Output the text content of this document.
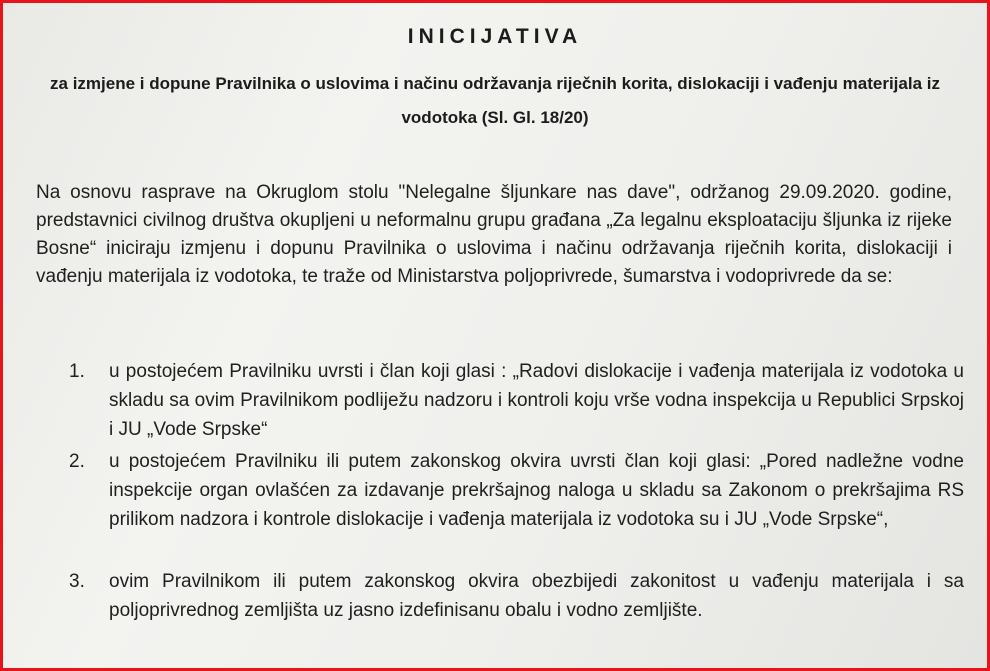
INICIJATIVA
za izmjene i dopune Pravilnika o uslovima i načinu održavanja riječnih korita, dislokaciji i vađenju materijala iz vodotoka (Sl. Gl. 18/20)
Na osnovu rasprave na Okruglom stolu "Nelegalne šljunkare nas dave", održanog 29.09.2020. godine, predstavnici civilnog društva okupljeni u neformalnu grupu građana „Za legalnu eksploataciju šljunka iz rijeke Bosne“ iniciraju izmjenu i dopunu Pravilnika o uslovima i načinu održavanja riječnih korita, dislokaciji i vađenju materijala iz vodotoka, te traže od Ministarstva poljoprivrede, šumarstva i vodoprivrede da se:
1.	u postojećem Pravilniku uvrsti i član koji glasi : „Radovi dislokacije i vađenja materijala iz vodotoka u skladu sa ovim Pravilnikom podliježu nadzoru i kontroli koju vrše vodna inspekcija u Republici Srpskoj i JU „Vode Srpske“
2.	u postojećem Pravilniku ili putem zakonskog okvira uvrsti član koji glasi: „Pored nadležne vodne inspekcije organ ovlašćen za izdavanje prekršajnog naloga u skladu sa Zakonom o prekršajima RS prilikom nadzora i kontrole dislokacije i vađenja materijala iz vodotoka su i JU „Vode Srpske“,
3.	ovim Pravilnikom ili putem zakonskog okvira obezbijedi zakonitost u vađenju materijala i sa poljoprivrednog zemljišta uz jasno izdefinisanu obalu i vodno zemljište.
